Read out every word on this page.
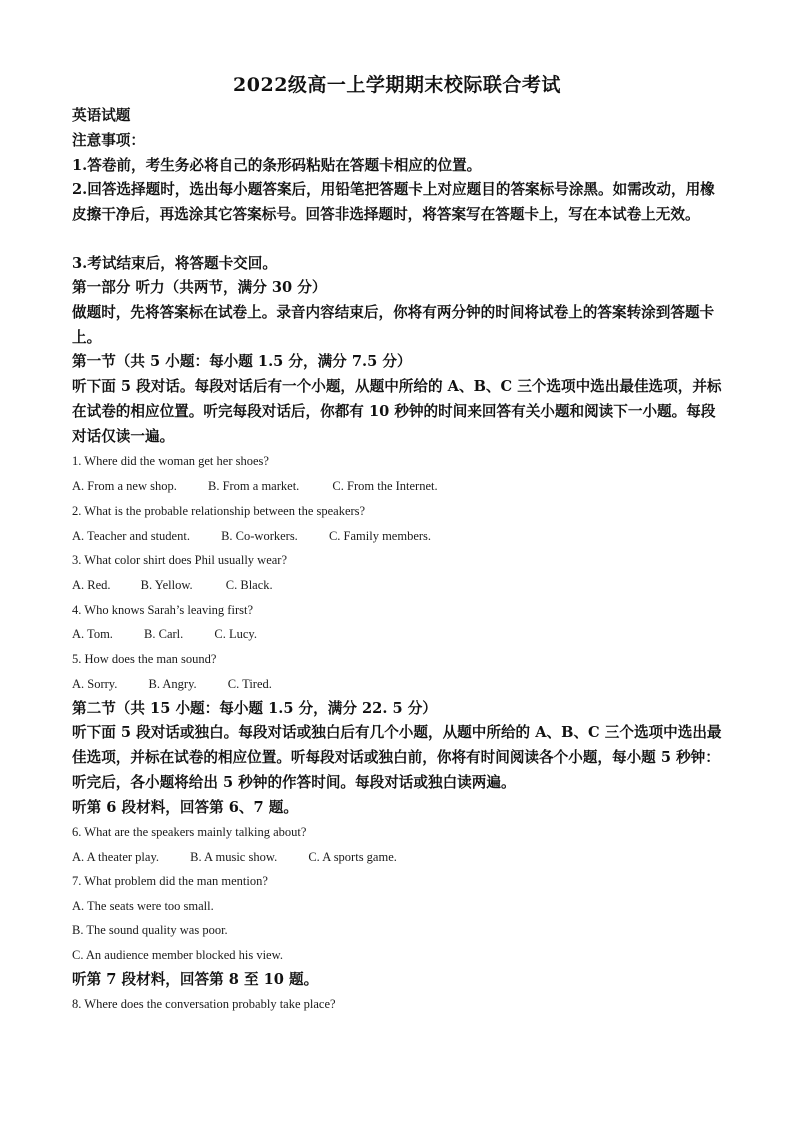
2022级高一上学期期末校际联合考试

英语试题

注意事项：

1.答卷前，考生务必将自己的条形码粘贴在答题卡相应的位置。

2.回答选择题时，选出每小题答案后，用铅笔把答题卡上对应题目的答案标号涂黑。如需改动，用橡皮擦干净后，再选涂其它答案标号。回答非选择题时，将答案写在答题卡上，写在本试卷上无效。

3.考试结束后，将答题卡交回。

第一部分 听力（共两节，满分 30 分）

做题时，先将答案标在试卷上。录音内容结束后，你将有两分钟的时间将试卷上的答案转涂到答题卡上。

第一节（共 5 小题：每小题 1.5 分，满分 7.5 分）

听下面 5 段对话。每段对话后有一个小题，从题中所给的 A、B、C 三个选项中选出最佳选项，并标在试卷的相应位置。听完每段对话后，你都有 10 秒钟的时间来回答有关小题和阅读下一小题。每段对话仅读一遍。

1. Where did the woman get her shoes?

A. From a new shop. B. From a market.	C. From the Internet.

2. What is the probable relationship between the speakers?

A. Teacher and student. B. Co-workers. C. Family members.

3. What color shirt does Phil usually wear?

A. Red. B. Yellow.	C. Black.

4. Who knows Sarah’s leaving first?

A. Tom. B. Carl. C. Lucy.

5. How does the man sound?

A. Sorry. B. Angry. C. Tired.

第二节（共 15 小题：每小题 1.5 分，满分 22. 5 分）

听下面 5 段对话或独白。每段对话或独白后有几个小题，从题中所给的 A、B、C 三个选项中选出最佳选项，并标在试卷的相应位置。听每段对话或独白前，你将有时间阅读各个小题，每小题 5 秒钟：听完后，各小题将给出 5 秒钟的作答时间。每段对话或独白读两遍。

听第 6 段材料，回答第 6、7 题。

6. What are the speakers mainly talking about?

A. A theater play. B. A music show. C. A sports game.

7. What problem did the man mention?

A. The seats were too small.

B. The sound quality was poor.

C. An audience member blocked his view.

听第 7 段材料，回答第 8 至 10 题。

8. Where does the conversation probably take place?
